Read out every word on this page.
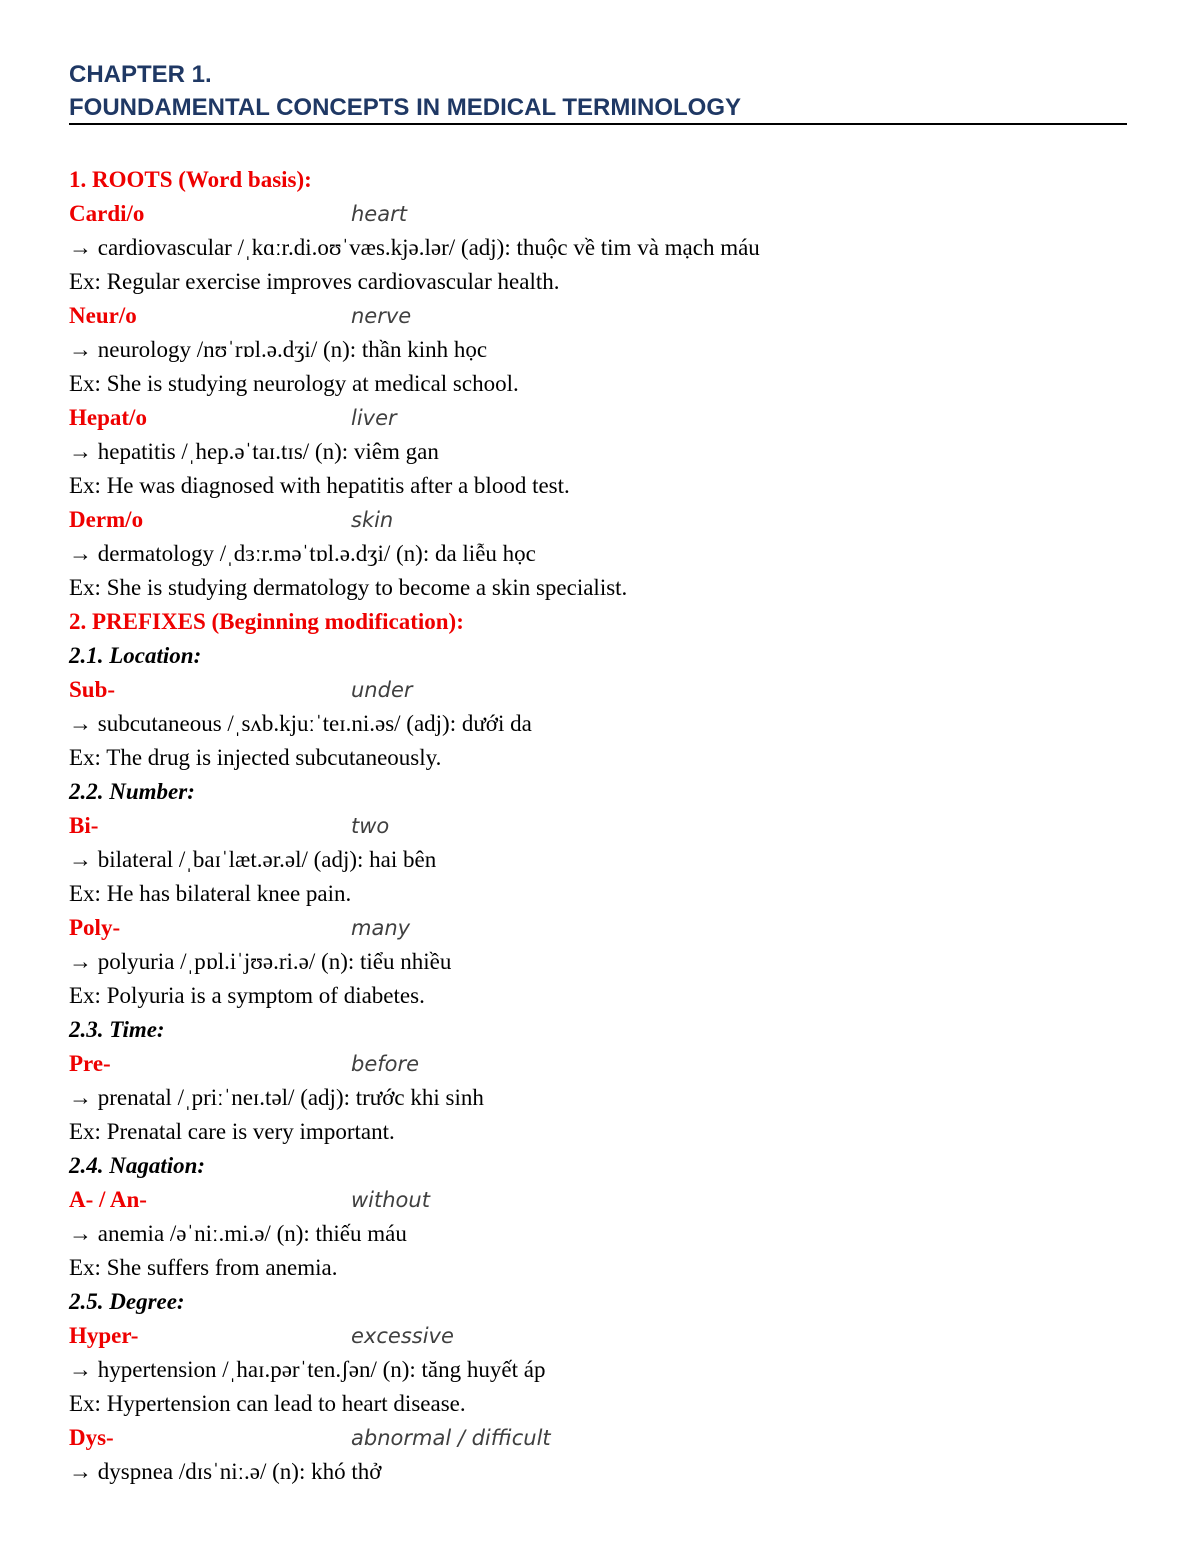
CHAPTER 1.
FOUNDAMENTAL CONCEPTS IN MEDICAL TERMINOLOGY
1. ROOTS (Word basis):
Cardi/o	heart
→ cardiovascular /ˌkɑːr.di.oʊˈvæs.kjə.lər/ (adj): thuộc về tim và mạch máu
Ex: Regular exercise improves cardiovascular health.
Neur/o	nerve
→ neurology /nʊˈrɒl.ə.dʒi/ (n): thần kinh học
Ex: She is studying neurology at medical school.
Hepat/o	liver
→ hepatitis /ˌhep.əˈtaɪ.tɪs/ (n): viêm gan
Ex: He was diagnosed with hepatitis after a blood test.
Derm/o	skin
→ dermatology /ˌdɜːr.məˈtɒl.ə.dʒi/ (n): da liễu học
Ex: She is studying dermatology to become a skin specialist.
2. PREFIXES (Beginning modification):
2.1. Location:
Sub-	under
→ subcutaneous /ˌsʌb.kjuːˈteɪ.ni.əs/ (adj): dưới da
Ex: The drug is injected subcutaneously.
2.2. Number:
Bi-	two
→ bilateral /ˌbaɪˈlæt.ər.əl/ (adj): hai bên
Ex: He has bilateral knee pain.
Poly-	many
→ polyuria /ˌpɒl.iˈjʊə.ri.ə/ (n): tiểu nhiều
Ex: Polyuria is a symptom of diabetes.
2.3. Time:
Pre-	before
→ prenatal /ˌpriːˈneɪ.təl/ (adj): trước khi sinh
Ex: Prenatal care is very important.
2.4. Nagation:
A- / An-	without
→ anemia /əˈniː.mi.ə/ (n): thiếu máu
Ex: She suffers from anemia.
2.5. Degree:
Hyper-	excessive
→ hypertension /ˌhaɪ.pərˈten.ʃən/ (n): tăng huyết áp
Ex: Hypertension can lead to heart disease.
Dys-	abnormal / difficult
→ dyspnea /dɪsˈniː.ə/ (n): khó thở
